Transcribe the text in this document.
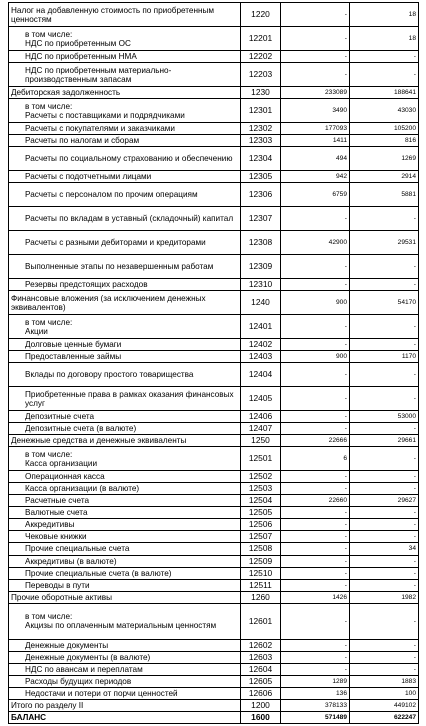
Налог на добавленную стоимость по приобретенным ценностям	1220	-	18
в том числе:
НДС по приобретенным ОС	12201	-	18
НДС по приобретенным НМА	12202	-	-
НДС по приобретенным материально-производственным запасам	12203	-	-
Дебиторская задолженность	1230	233089	188641
в том числе:
Расчеты с поставщиками и подрядчиками	12301	3490	43030
Расчеты с покупателями и заказчиками	12302	177093	105200
Расчеты по налогам и сборам	12303	1411	816
Расчеты по социальному страхованию и обеспечению	12304	494	1269
Расчеты с подотчетными лицами	12305	942	2914
Расчеты с персоналом по прочим операциям	12306	6759	5881
Расчеты по вкладам в уставный (складочный) капитал	12307	-	-
Расчеты с разными дебиторами и кредиторами	12308	42900	29531
Выполненные этапы по незавершенным работам	12309	-	-
Резервы предстоящих расходов	12310	-	-
Финансовые вложения (за исключением денежных эквивалентов)	1240	900	54170
в том числе:
Акции	12401	-	-
Долговые ценные бумаги	12402	-	-
Предоставленные займы	12403	900	1170
Вклады по договору простого товарищества	12404	-	-
Приобретенные права в рамках оказания финансовых услуг	12405	-	-
Депозитные счета	12406	-	53000
Депозитные счета (в валюте)	12407	-	-
Денежные средства и денежные эквиваленты	1250	22666	29661
в том числе:
Касса организации	12501	6	-
Операционная касса	12502	-	-
Касса организации (в валюте)	12503	-	-
Расчетные счета	12504	22660	29627
Валютные счета	12505	-	-
Аккредитивы	12506	-	-
Чековые книжки	12507	-	-
Прочие специальные счета	12508	-	34
Аккредитивы (в валюте)	12509	-	-
Прочие специальные счета (в валюте)	12510	-	-
Переводы в пути	12511	-	-
Прочие оборотные активы	1260	1426	1982
в том числе:
Акцизы по оплаченным материальным ценностям	12601	-	-
Денежные документы	12602	-	-
Денежные документы (в валюте)	12603	-	-
НДС по авансам и переплатам	12604	-	-
Расходы будущих периодов	12605	1289	1883
Недостачи и потери от порчи ценностей	12606	136	100
Итого по разделу II	1200	378133	449102
БАЛАНС	1600	571489	622247
